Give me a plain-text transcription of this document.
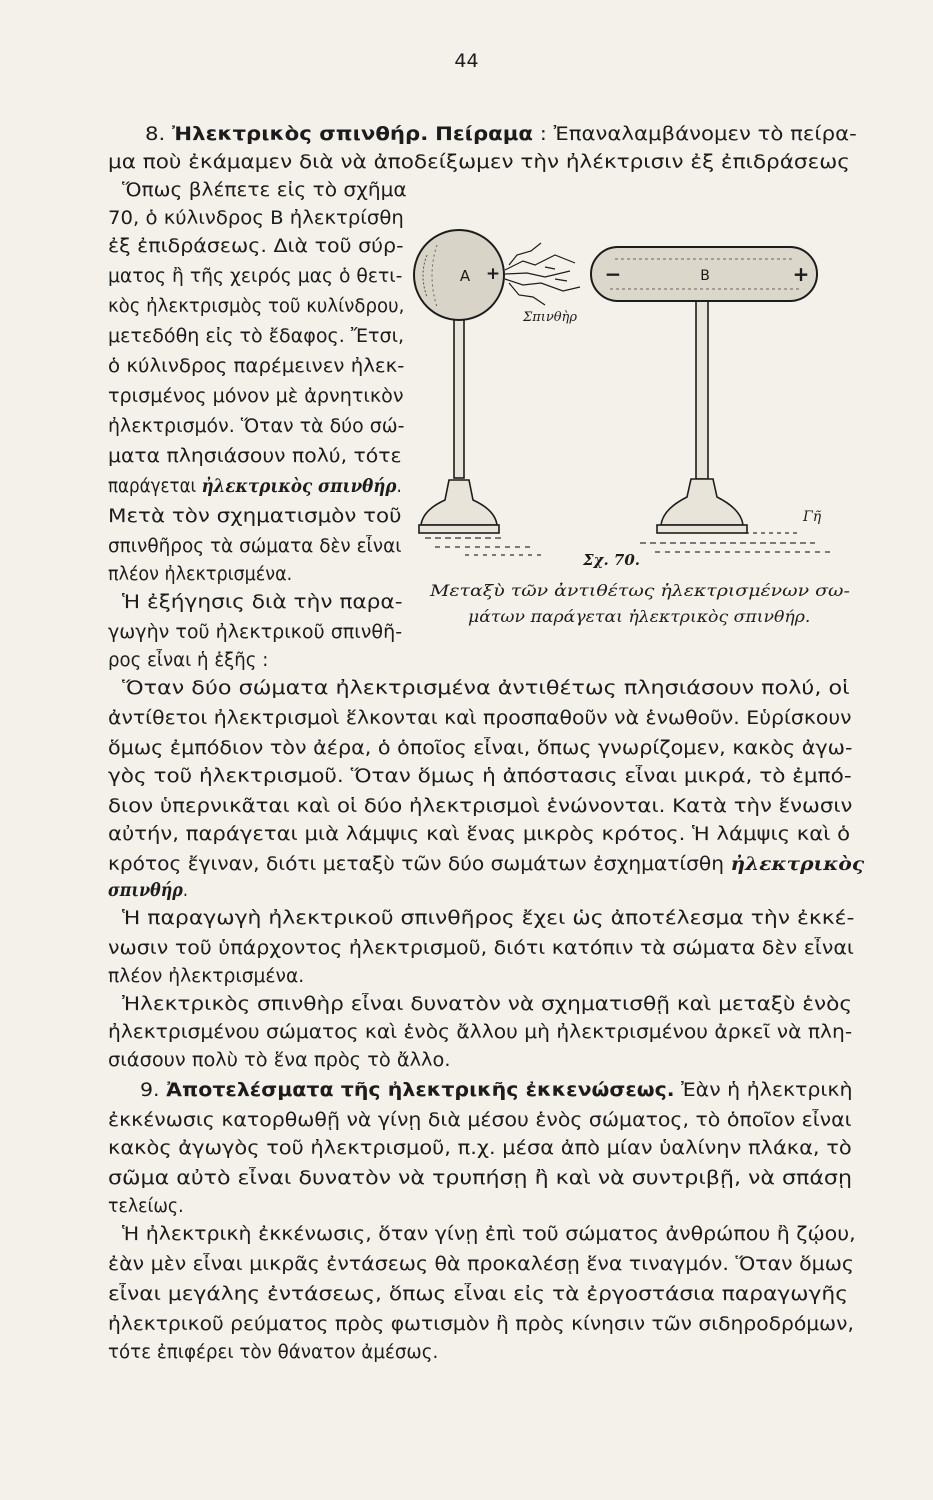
44
8. Ἠλεκτρικὸς σπινθήρ. Πείραμα : Ἐπαναλαμβάνομεν τὸ πείρα-
μα ποὺ ἐκάμαμεν διὰ νὰ ἀποδείξωμεν τὴν ἠλέκτρισιν ἐξ ἐπιδράσεως
Ὅπως βλέπετε εἰς τὸ σχῆμα
70, ὁ κύλινδρος Β ἠλεκτρίσθη
ἐξ ἐπιδράσεως. Διὰ τοῦ σύρ-
ματος ἢ τῆς χειρός μας ὁ θετι-
κὸς ἠλεκτρισμὸς τοῦ κυλίνδρου,
μετεδόθη εἰς τὸ ἔδαφος. Ἔτσι,
ὁ κύλινδρος παρέμεινεν ἠλεκ-
τρισμένος μόνον μὲ ἀρνητικὸν
ἠλεκτρισμόν. Ὅταν τὰ δύο σώ-
ματα πλησιάσουν πολύ, τότε
παράγεται ἠλεκτρικὸς σπινθήρ.
Μετὰ τὸν σχηματισμὸν τοῦ
σπινθῆρος τὰ σώματα δὲν εἶναι
πλέον ἠλεκτρισμένα.
Ἡ ἐξήγησις διὰ τὴν παρα-
γωγὴν τοῦ ἠλεκτρικοῦ σπινθῆ-
ρος εἶναι ἡ ἑξῆς :
Ὅταν δύο σώματα ἠλεκτρισμένα ἀντιθέτως πλησιάσουν πολύ, οἱ
ἀντίθετοι ἠλεκτρισμοὶ ἕλκονται καὶ προσπαθοῦν νὰ ἑνωθοῦν. Εὑρίσκουν
ὅμως ἐμπόδιον τὸν ἀέρα, ὁ ὁποῖος εἶναι, ὅπως γνωρίζομεν, κακὸς ἀγω-
γὸς τοῦ ἠλεκτρισμοῦ. Ὅταν ὅμως ἡ ἀπόστασις εἶναι μικρά, τὸ ἐμπό-
διον ὑπερνικᾶται καὶ οἱ δύο ἠλεκτρισμοὶ ἑνώνονται. Κατὰ τὴν ἕνωσιν
αὐτήν, παράγεται μιὰ λάμψις καὶ ἕνας μικρὸς κρότος. Ἡ λάμψις καὶ ὁ
κρότος ἔγιναν, διότι μεταξὺ τῶν δύο σωμάτων ἐσχηματίσθη ἠλεκτρικὸς
σπινθήρ.
Ἡ παραγωγὴ ἠλεκτρικοῦ σπινθῆρος ἔχει ὡς ἀποτέλεσμα τὴν ἐκκέ-
νωσιν τοῦ ὑπάρχοντος ἠλεκτρισμοῦ, διότι κατόπιν τὰ σώματα δὲν εἶναι
πλέον ἠλεκτρισμένα.
Ἠλεκτρικὸς σπινθὴρ εἶναι δυνατὸν νὰ σχηματισθῇ καὶ μεταξὺ ἑνὸς
ἠλεκτρισμένου σώματος καὶ ἑνὸς ἄλλου μὴ ἠλεκτρισμένου ἀρκεῖ νὰ πλη-
σιάσουν πολὺ τὸ ἕνα πρὸς τὸ ἄλλο.
9. Ἀποτελέσματα τῆς ἠλεκτρικῆς ἐκκενώσεως. Ἐὰν ἡ ἠλεκτρικὴ
ἐκκένωσις κατορθωθῇ νὰ γίνῃ διὰ μέσου ἑνὸς σώματος, τὸ ὁποῖον εἶναι
κακὸς ἀγωγὸς τοῦ ἠλεκτρισμοῦ, π.χ. μέσα ἀπὸ μίαν ὑαλίνην πλάκα, τὸ
σῶμα αὐτὸ εἶναι δυνατὸν νὰ τρυπήσῃ ἢ καὶ νὰ συντριβῇ, νὰ σπάσῃ
τελείως.
Ἡ ἠλεκτρικὴ ἐκκένωσις, ὅταν γίνῃ ἐπὶ τοῦ σώματος ἀνθρώπου ἢ ζῴου,
ἐὰν μὲν εἶναι μικρᾶς ἐντάσεως θὰ προκαλέσῃ ἕνα τιναγμόν. Ὅταν ὅμως
εἶναι μεγάλης ἐντάσεως, ὅπως εἶναι εἰς τὰ ἐργοστάσια παραγωγῆς
ἠλεκτρικοῦ ρεύματος πρὸς φωτισμὸν ἢ πρὸς κίνησιν τῶν σιδηροδρόμων,
τότε ἐπιφέρει τὸν θάνατον ἀμέσως.
Μεταξὺ τῶν ἀντιθέτως ἠλεκτρισμένων σω-
μάτων παράγεται ἠλεκτρικὸς σπινθήρ.
Α +
Σπινθὴρ
−	Β	+
Γῆ
Σχ. 70.
